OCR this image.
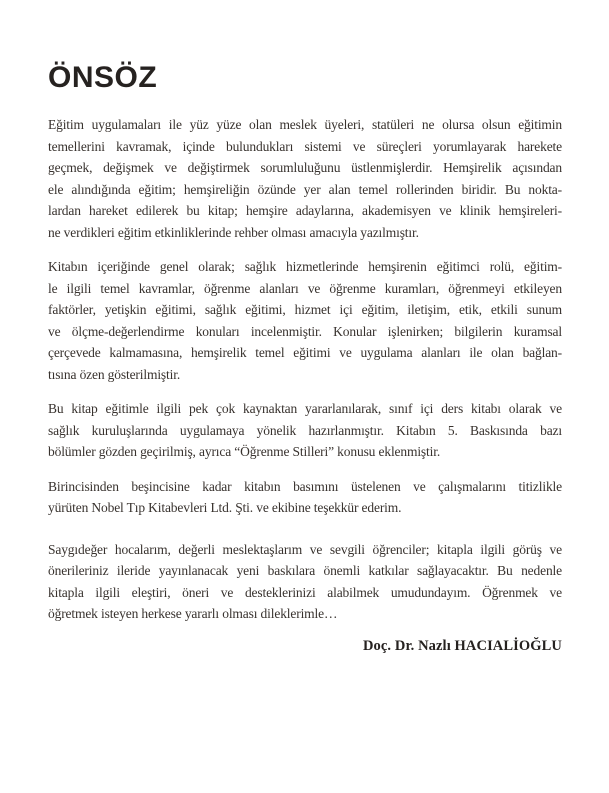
ÖNSÖZ

Eğitim uygulamaları ile yüz yüze olan meslek üyeleri, statüleri ne olursa olsun eğitimin
temellerini kavramak, içinde bulundukları sistemi ve süreçleri yorumlayarak harekete
geçmek, değişmek ve değiştirmek sorumluluğunu üstlenmişlerdir. Hemşirelik açısından
ele alındığında eğitim; hemşireliğin özünde yer alan temel rollerinden biridir. Bu nokta-
lardan hareket edilerek bu kitap; hemşire adaylarına, akademisyen ve klinik hemşireleri-
ne verdikleri eğitim etkinliklerinde rehber olması amacıyla yazılmıştır.

Kitabın içeriğinde genel olarak; sağlık hizmetlerinde hemşirenin eğitimci rolü, eğitim-
le ilgili temel kavramlar, öğrenme alanları ve öğrenme kuramları, öğrenmeyi etkileyen
faktörler, yetişkin eğitimi, sağlık eğitimi, hizmet içi eğitim, iletişim, etik, etkili sunum
ve ölçme-değerlendirme konuları incelenmiştir. Konular işlenirken; bilgilerin kuramsal
çerçevede kalmamasına, hemşirelik temel eğitimi ve uygulama alanları ile olan bağlan-
tısına özen gösterilmiştir.

Bu kitap eğitimle ilgili pek çok kaynaktan yararlanılarak, sınıf içi ders kitabı olarak ve
sağlık kuruluşlarında uygulamaya yönelik hazırlanmıştır. Kitabın 5. Baskısında bazı
bölümler gözden geçirilmiş, ayrıca “Öğrenme Stilleri” konusu eklenmiştir.

Birincisinden beşincisine kadar kitabın basımını üstelenen ve çalışmalarını titizlikle
yürüten Nobel Tıp Kitabevleri Ltd. Şti. ve ekibine teşekkür ederim.

Saygıdeğer hocalarım, değerli meslektaşlarım ve sevgili öğrenciler; kitapla ilgili görüş ve
önerileriniz ileride yayınlanacak yeni baskılara önemli katkılar sağlayacaktır. Bu nedenle
kitapla ilgili eleştiri, öneri ve desteklerinizi alabilmek umudundayım. Öğrenmek ve
öğretmek isteyen herkese yararlı olması dileklerimle…

Doç. Dr. Nazlı HACIALİOĞLU
